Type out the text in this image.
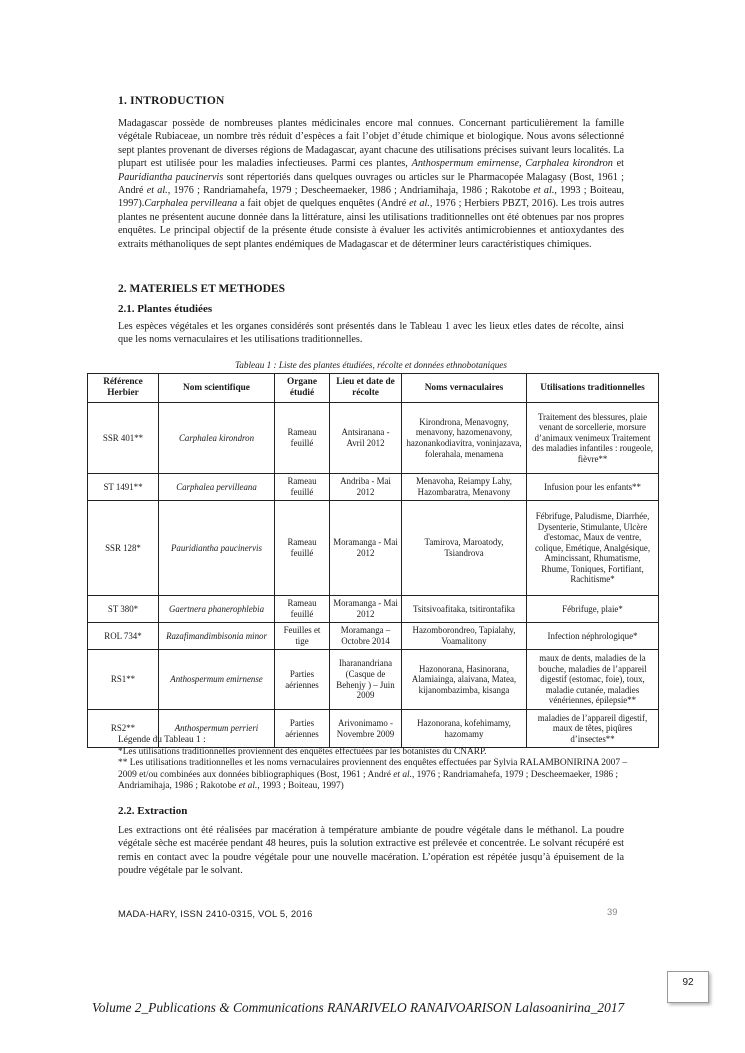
1. INTRODUCTION
Madagascar possède de nombreuses plantes médicinales encore mal connues. Concernant particulièrement la famille végétale Rubiaceae, un nombre très réduit d’espèces a fait l’objet d’étude chimique et biologique. Nous avons sélectionné sept plantes provenant de diverses régions de Madagascar, ayant chacune des utilisations précises suivant leurs localités. La plupart est utilisée pour les maladies infectieuses. Parmi ces plantes, Anthospermum emirnense, Carphalea kirondron et Pauridiantha paucinervis sont répertoriés dans quelques ouvrages ou articles sur le Pharmacopée Malagasy (Bost, 1961 ; André et al., 1976 ; Randriamahefa, 1979 ; Descheemaeker, 1986 ; Andriamihaja, 1986 ; Rakotobe et al., 1993 ; Boiteau, 1997).Carphalea pervilleana a fait objet de quelques enquêtes (André et al., 1976 ; Herbiers PBZT, 2016). Les trois autres plantes ne présentent aucune donnée dans la littérature, ainsi les utilisations traditionnelles ont été obtenues par nos propres enquêtes. Le principal objectif de la présente étude consiste à évaluer les activités antimicrobiennes et antioxydantes des extraits méthanoliques de sept plantes endémiques de Madagascar et de déterminer leurs caractéristiques chimiques.
2. MATERIELS ET METHODES
2.1. Plantes étudiées
Les espèces végétales et les organes considérés sont présentés dans le Tableau 1 avec les lieux etles dates de récolte, ainsi que les noms vernaculaires et les utilisations traditionnelles.
Tableau 1 : Liste des plantes étudiées, récolte et données ethnobotaniques
Référence Herbier	Nom scientifique	Organe étudié	Lieu et date de récolte	Noms vernaculaires	Utilisations traditionnelles
SSR 401**	Carphalea kirondron	Rameau feuillé	Antsiranana - Avril 2012	Kirondrona, Menavogny, menavony, hazomenavony, hazonankodiavitra, voninjazava, folerahala, menamena	Traitement des blessures, plaie venant de sorcellerie, morsure d’animaux venimeux Traitement des maladies infantiles : rougeole, fièvre**
ST 1491**	Carphalea pervilleana	Rameau feuillé	Andriba - Mai 2012	Menavoha, Reiampy Lahy, Hazombaratra, Menavony	Infusion pour les enfants**
SSR 128*	Pauridiantha paucinervis	Rameau feuillé	Moramanga - Mai 2012	Tamirova, Maroatody, Tsiandrova	Fébrifuge, Paludisme, Diarrhée, Dysenterie, Stimulante, Ulcère d'estomac, Maux de ventre, colique, Emétique, Analgésique, Amincissant, Rhumatisme, Rhume, Toniques, Fortifiant, Rachitisme*
ST 380*	Gaertnera phanerophlebia	Rameau feuillé	Moramanga - Mai 2012	Tsitsivoafitaka, tsitirontafika	Fébrifuge, plaie*
ROL 734*	Razafimandimbisonia minor	Feuilles et tige	Moramanga – Octobre 2014	Hazomborondreo, Tapialahy, Voamalitony	Infection néphrologique*
RS1**	Anthospermum emirnense	Parties aériennes	Iharanandriana (Casque de Behenjy ) – Juin 2009	Hazonorana, Hasinorana, Alamiainga, alaivana, Matea, kijanombazimba, kisanga	maux de dents, maladies de la bouche, maladies de l’appareil digestif (estomac, foie), toux, maladie cutanée, maladies vénériennes, épilepsie**
RS2**	Anthospermum perrieri	Parties aériennes	Arivonimamo - Novembre 2009	Hazonorana, kofehimamy, hazomamy	maladies de l’appareil digestif, maux de têtes, piqûres d’insectes**
Légende du Tableau 1 :
*Les utilisations traditionnelles proviennent des enquêtes effectuées par les botanistes du CNARP.
** Les utilisations traditionnelles et les noms vernaculaires proviennent des enquêtes effectuées par Sylvia RALAMBONIRINA 2007 – 2009 et/ou combinées aux données bibliographiques (Bost, 1961 ; André et al., 1976 ; Randriamahefa, 1979 ; Descheemaeker, 1986 ; Andriamihaja, 1986 ; Rakotobe et al., 1993 ; Boiteau, 1997)
2.2. Extraction
Les extractions ont été réalisées par macération à température ambiante de poudre végétale dans le méthanol. La poudre végétale sèche est macérée pendant 48 heures, puis la solution extractive est prélevée et concentrée. Le solvant récupéré est remis en contact avec la poudre végétale pour une nouvelle macération. L’opération est répétée jusqu’à épuisement de la poudre végétale par le solvant.
MADA-HARY, ISSN 2410-0315, VOL 5, 2016	39
Volume 2_Publications & Communications RANARIVELO RANAIVOARISON Lalasoanirina_2017
92
